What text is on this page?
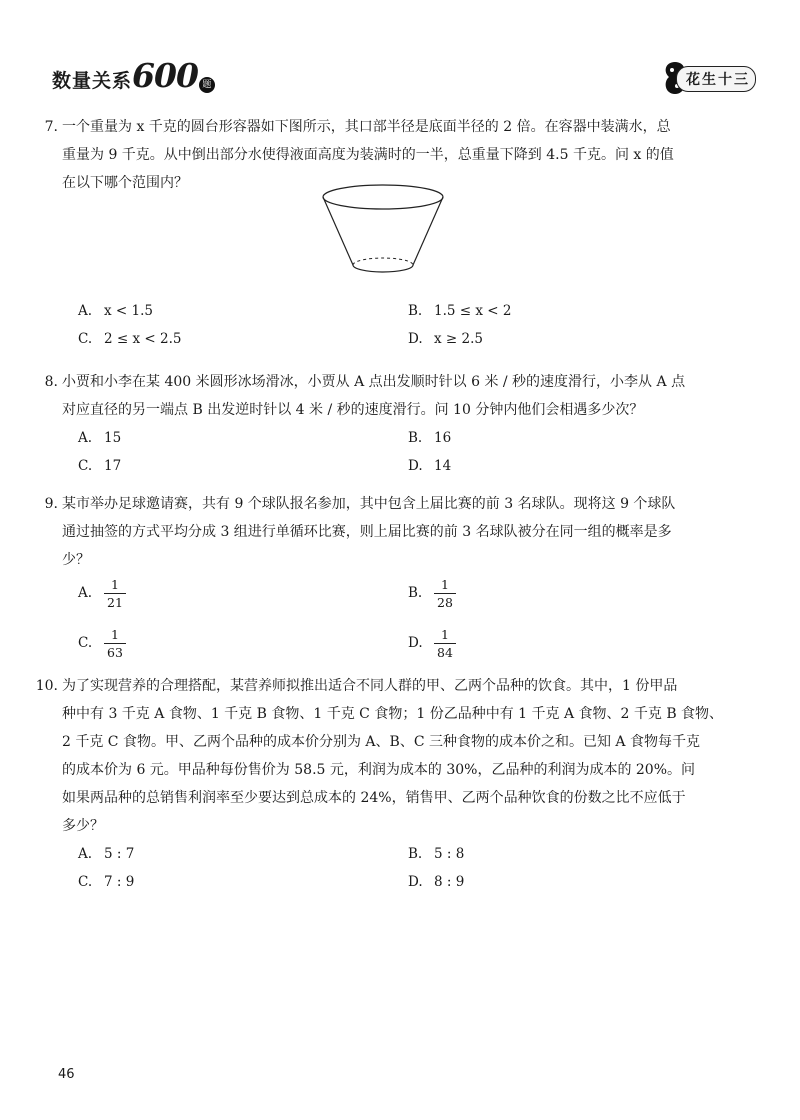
数量关系600 题	花生十三
7. 一个重量为 x 千克的圆台形容器如下图所示，其口部半径是底面半径的 2 倍。在容器中装满水，总

重量为 9 千克。从中倒出部分水使得液面高度为装满时的一半，总重量下降到 4.5 千克。问 x 的值

在以下哪个范围内？

A. x < 1.5	B. 1.5 ≤ x < 2
C. 2 ≤ x < 2.5	D. x ≥ 2.5
8. 小贾和小李在某 400 米圆形冰场滑冰，小贾从 A 点出发顺时针以 6 米 / 秒的速度滑行，小李从 A 点

对应直径的另一端点 B 出发逆时针以 4 米 / 秒的速度滑行。问 10 分钟内他们会相遇多少次？

A. 15	B. 16
C. 17	D. 14
9. 某市举办足球邀请赛，共有 9 个球队报名参加，其中包含上届比赛的前 3 名球队。现将这 9 个球队

通过抽签的方式平均分成 3 组进行单循环比赛，则上届比赛的前 3 名球队被分在同一组的概率是多

少？

A. $\frac{1}{21}$	B. $\frac{1}{28}$
C. $\frac{1}{63}$	D. $\frac{1}{84}$
10. 为了实现营养的合理搭配，某营养师拟推出适合不同人群的甲、乙两个品种的饮食。其中，1 份甲品

种中有 3 千克 A 食物、1 千克 B 食物、1 千克 C 食物；1 份乙品种中有 1 千克 A 食物、2 千克 B 食物、

2 千克 C 食物。甲、乙两个品种的成本价分别为 A、B、C 三种食物的成本价之和。已知 A 食物每千克

的成本价为 6 元。甲品种每份售价为 58.5 元，利润为成本的 30%，乙品种的利润为成本的 20%。问

如果两品种的总销售利润率至少要达到总成本的 24%，销售甲、乙两个品种饮食的份数之比不应低于

多少？

A. 5 : 7	B. 5 : 8
C. 7 : 9	D. 8 : 9
46
